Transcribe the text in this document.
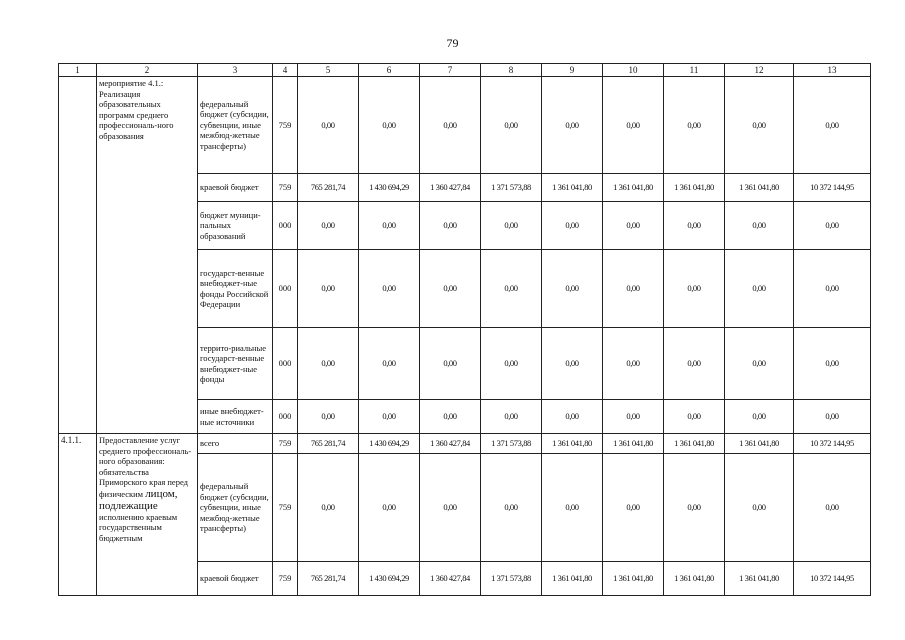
79
1	2	3	4	5	6	7	8	9	10	11	12	13
	мероприятие 4.1.: Реализация образовательных программ среднего профессиональ-ного образования	федеральный бюджет (субсидии, субвенции, иные межбюд-жетные трансферты)	759	0,00	0,00	0,00	0,00	0,00	0,00	0,00	0,00	0,00
		краевой бюджет	759	765 281,74	1 430 694,29	1 360 427,84	1 371 573,88	1 361 041,80	1 361 041,80	1 361 041,80	1 361 041,80	10 372 144,95
		бюджет муници-пальных образований	000	0,00	0,00	0,00	0,00	0,00	0,00	0,00	0,00	0,00
		государст-венные внебюджет-ные фонды Российской Федерации	000	0,00	0,00	0,00	0,00	0,00	0,00	0,00	0,00	0,00
		террито-риальные государст-венные внебюджет-ные фонды	000	0,00	0,00	0,00	0,00	0,00	0,00	0,00	0,00	0,00
		иные внебюджет-ные источники	000	0,00	0,00	0,00	0,00	0,00	0,00	0,00	0,00	0,00
4.1.1.	Предоставление услуг среднего профессиональ-ного образования: обязательства Приморского края перед физическим лицом, подлежащие исполнению краевым государственным бюджетным	всего	759	765 281,74	1 430 694,29	1 360 427,84	1 371 573,88	1 361 041,80	1 361 041,80	1 361 041,80	1 361 041,80	10 372 144,95
		федеральный бюджет (субсидии, субвенции, иные межбюд-жетные трансферты)	759	0,00	0,00	0,00	0,00	0,00	0,00	0,00	0,00	0,00
		краевой бюджет	759	765 281,74	1 430 694,29	1 360 427,84	1 371 573,88	1 361 041,80	1 361 041,80	1 361 041,80	1 361 041,80	10 372 144,95
